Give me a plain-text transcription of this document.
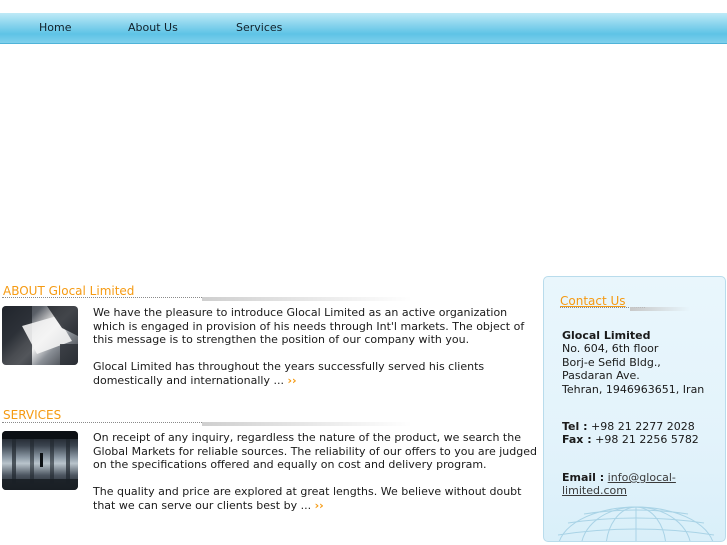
Home	About Us	Services
ABOUT Glocal Limited
We have the pleasure to introduce Glocal Limited as an active organization which is engaged in provision of his needs through Int'l markets. The object of this message is to strengthen the position of our company with you.
Glocal Limited has throughout the years successfully served his clients domestically and internationally ... ››
SERVICES
On receipt of any inquiry, regardless the nature of the product, we search the Global Markets for reliable sources. The reliability of our offers to you are judged on the specifications offered and equally on cost and delivery program.
The quality and price are explored at great lengths. We believe without doubt that we can serve our clients best by ... ››
Contact Us
Glocal Limited
No. 604, 6th floor
Borj-e Sefid Bldg.,
Pasdaran Ave.
Tehran, 1946963651, Iran
Tel : +98 21 2277 2028
Fax : +98 21 2256 5782
Email : info@glocal-
limited.com
